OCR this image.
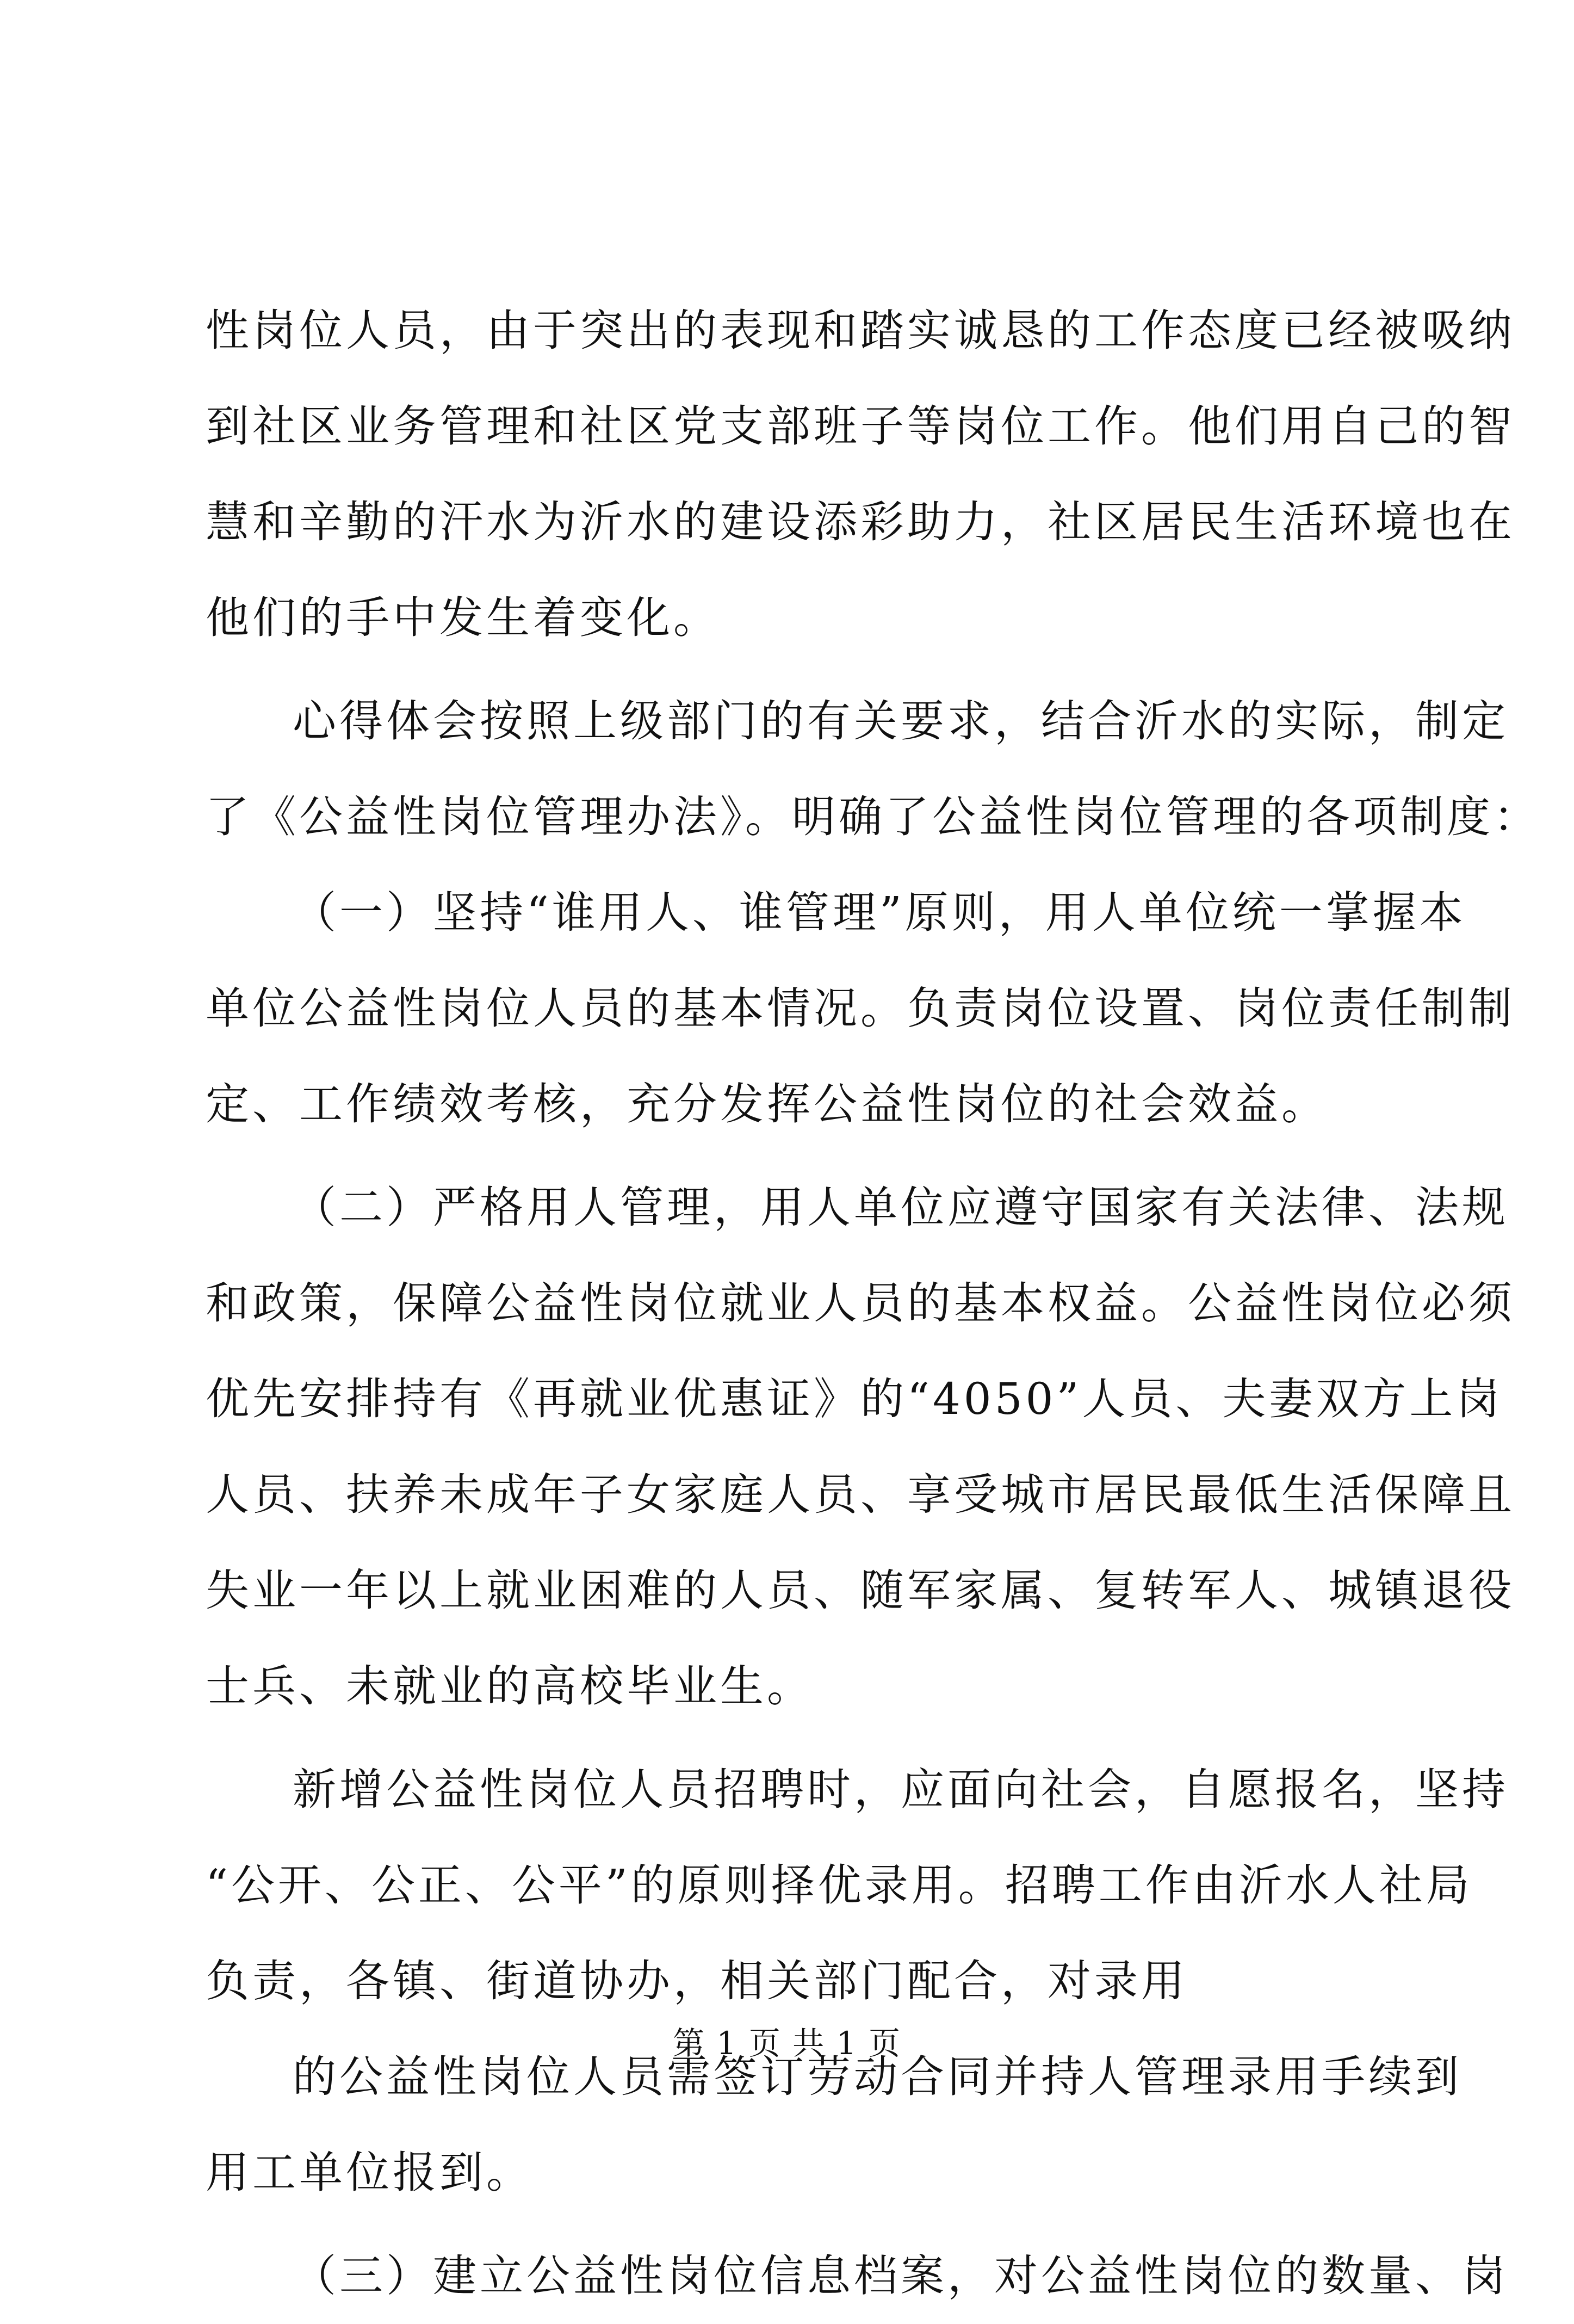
性岗位人员，由于突出的表现和踏实诚恳的工作态度已经被吸纳
到社区业务管理和社区党支部班子等岗位工作。他们用自己的智
慧和辛勤的汗水为沂水的建设添彩助力，社区居民生活环境也在
他们的手中发生着变化。
心得体会按照上级部门的有关要求，结合沂水的实际，制定
了《公益性岗位管理办法》。明确了公益性岗位管理的各项制度：
（一）坚持“谁用人、谁管理”原则，用人单位统一掌握本
单位公益性岗位人员的基本情况。负责岗位设置、岗位责任制制
定、工作绩效考核，充分发挥公益性岗位的社会效益。
（二）严格用人管理，用人单位应遵守国家有关法律、法规
和政策，保障公益性岗位就业人员的基本权益。公益性岗位必须
优先安排持有《再就业优惠证》的“4050”人员、夫妻双方上岗
人员、扶养未成年子女家庭人员、享受城市居民最低生活保障且
失业一年以上就业困难的人员、随军家属、复转军人、城镇退役
士兵、未就业的高校毕业生。
新增公益性岗位人员招聘时，应面向社会，自愿报名，坚持
“公开、公正、公平”的原则择优录用。招聘工作由沂水人社局
负责，各镇、街道协办，相关部门配合，对录用
的公益性岗位人员需签订劳动合同并持人管理录用手续到
用工单位报到。
（三）建立公益性岗位信息档案，对公益性岗位的数量、岗
第 1 页 共 1 页
